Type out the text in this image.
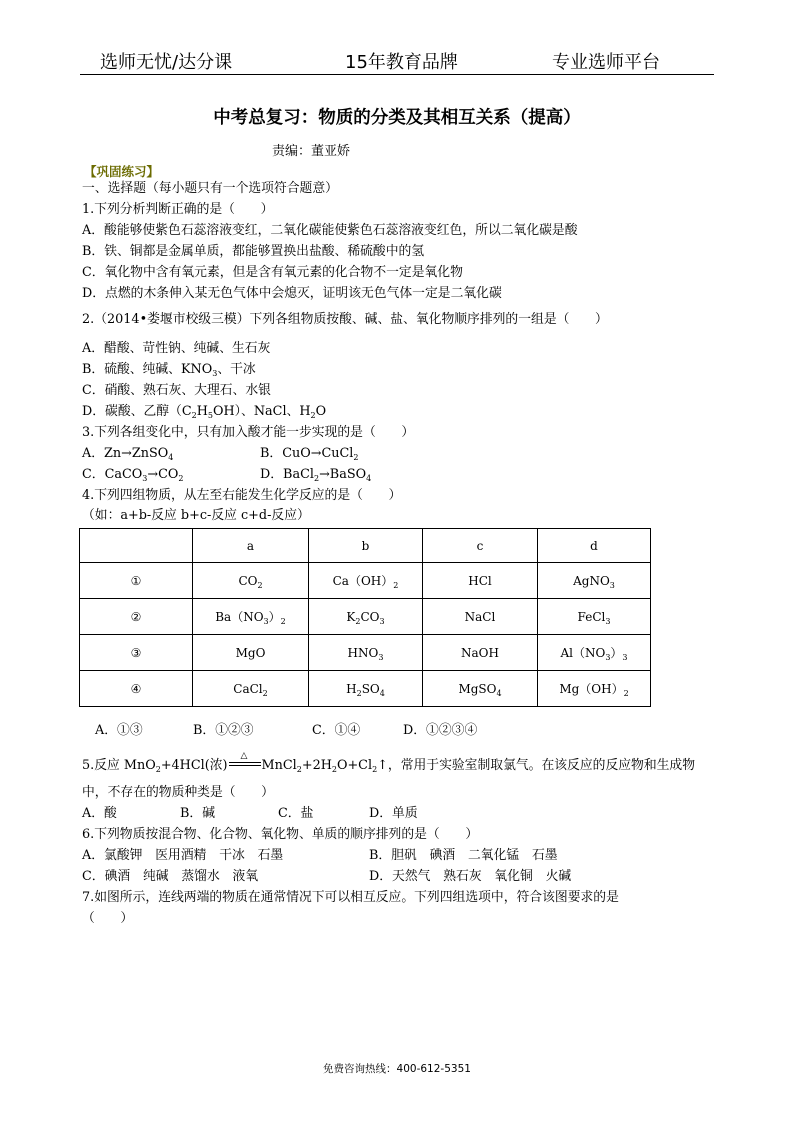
选师无忧/达分课	15年教育品牌	专业选师平台
中考总复习：物质的分类及其相互关系（提高）
责编：董亚娇
【巩固练习】
一、选择题（每小题只有一个选项符合题意）
1.下列分析判断正确的是（　　）
A．酸能够使紫色石蕊溶液变红，二氧化碳能使紫色石蕊溶液变红色，所以二氧化碳是酸
B．铁、铜都是金属单质，都能够置换出盐酸、稀硫酸中的氢
C．氧化物中含有氧元素，但是含有氧元素的化合物不一定是氧化物
D．点燃的木条伸入某无色气体中会熄灭，证明该无色气体一定是二氧化碳
2.（2014•娄堰市校级三模）下列各组物质按酸、碱、盐、氧化物顺序排列的一组是（　　）
A．醋酸、苛性钠、纯碱、生石灰
B．硫酸、纯碱、$KNO_3$、干冰
C．硝酸、熟石灰、大理石、水银
D．碳酸、乙醇$(C_2H_5OH)$、NaCl、$H_2O$
3.下列各组变化中，只有加入酸才能一步实现的是（　　）
A．Zn→ZnSO$_4$	B．CuO→CuCl$_2$
C．$CaCO_3\to CO_2$	D．BaCl$_2$→BaSO$_4$
4.下列四组物质，从左至右能发生化学反应的是（　　）
（如：a+b-反应 b+c-反应 c+d-反应）
	a	b	c	d
①	$CO_2$	$Ca(OH)_2$	HCl	AgNO$_3$
②	$Ba(NO_3)_2$	$K_2CO_3$	NaCl	FeCl$_3$
③	MgO	$HNO_3$	NaOH	$Al(NO_3)_3$
④	CaCl$_2$	$H_2SO_4$	MgSO$_4$	$Mg(OH)_2$
A．①③	B．①②③	C．①④	D．①②③④
5.反应 MnO$_2$+4HCl(浓)
△
$MnCl_2+2H_2O+Cl_2↑$，常用于实验室制取氯气。在该反应的反应物和生成物
中，不存在的物质种类是（　　）
A．酸	B．碱	C．盐	D．单质
6.下列物质按混合物、化合物、氧化物、单质的顺序排列的是（　　）
A．氯酸钾　医用酒精　干冰　石墨	B．胆矾　碘酒　二氧化锰　石墨
C．碘酒　纯碱　蒸馏水　液氧	D．天然气　熟石灰　氧化铜　火碱
7.如图所示，连线两端的物质在通常情况下可以相互反应。下列四组选项中，符合该图要求的是
（　　）
免费咨询热线：400-612-5351
